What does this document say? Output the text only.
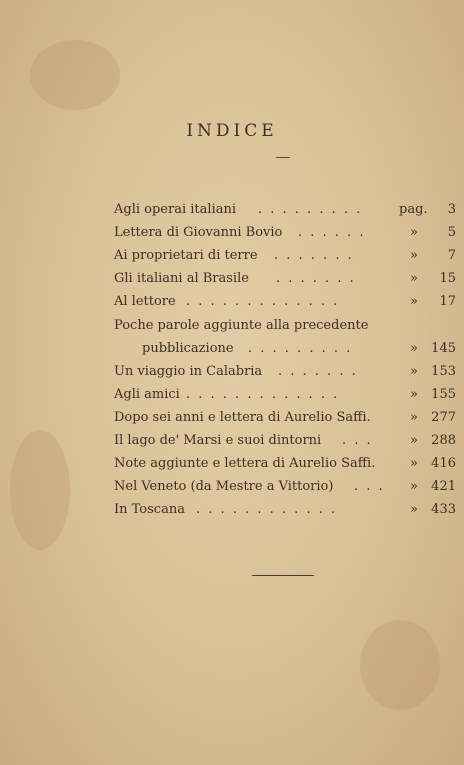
INDICE
Agli operai italiani . . . . . . . . .	pag. 3
Lettera di Giovanni Bovio . . . . . .	» 5
Ai proprietari di terre . . . . . . .	» 7
Gli italiani al Brasile . . . . . . .	» 15
Al lettore . . . . . . . . . . . . .	» 17
Poche parole aggiunte alla precedente
pubblicazione . . . . . . . . .	» 145
Un viaggio in Calabria . . . . . . .	» 153
Agli amici . . . . . . . . . . . . .	» 155
Dopo sei anni e lettera di Aurelio Saffi.	» 277
Il lago de' Marsi e suoi dintorni . . .	» 288
Note aggiunte e lettera di Aurelio Saffi.	» 416
Nel Veneto (da Mestre a Vittorio) . . . » 421
In Toscana . . . . . . . . . . . .	» 433
